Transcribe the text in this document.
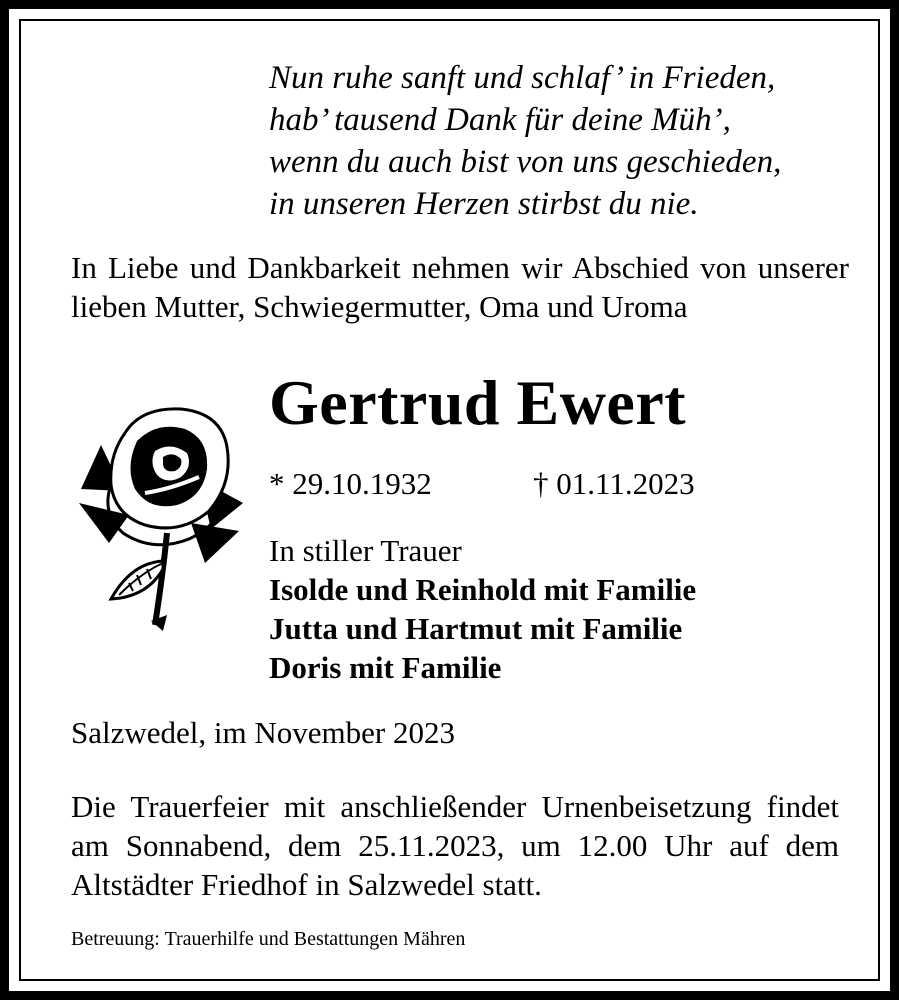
Nun ruhe sanft und schlaf’ in Frieden,
hab’ tausend Dank für deine Müh’,
wenn du auch bist von uns geschieden,
in unseren Herzen stirbst du nie.
In Liebe und Dankbarkeit nehmen wir Abschied von unserer lieben Mutter, Schwiegermutter, Oma und Uroma
Gertrud Ewert
* 29.10.1932	† 01.11.2023
In stiller Trauer
Isolde und Reinhold mit Familie
Jutta und Hartmut mit Familie
Doris mit Familie
Salzwedel, im November 2023
Die Trauerfeier mit anschließender Urnenbeisetzung findet am Sonnabend, dem 25.11.2023, um 12.00 Uhr auf dem Altstädter Friedhof in Salzwedel statt.
Betreuung: Trauerhilfe und Bestattungen Mähren
